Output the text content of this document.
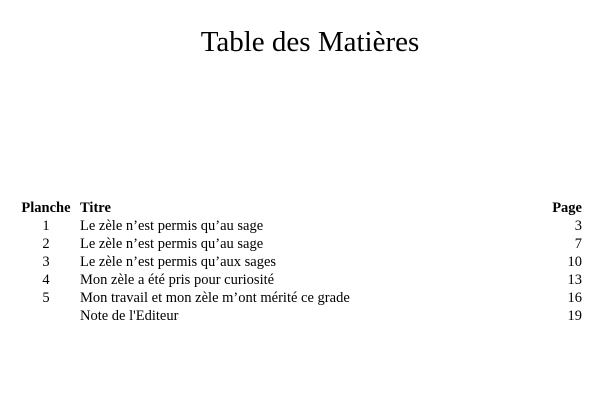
Table des Matières
Planche	Titre	Page
1	Le zèle n’est permis qu’au sage	3
2	Le zèle n’est permis qu’au sage	7
3	Le zèle n’est permis qu’aux sages	10
4	Mon zèle a été pris pour curiosité	13
5	Mon travail et mon zèle m’ont mérité ce grade	16
	Note de l'Editeur	19
